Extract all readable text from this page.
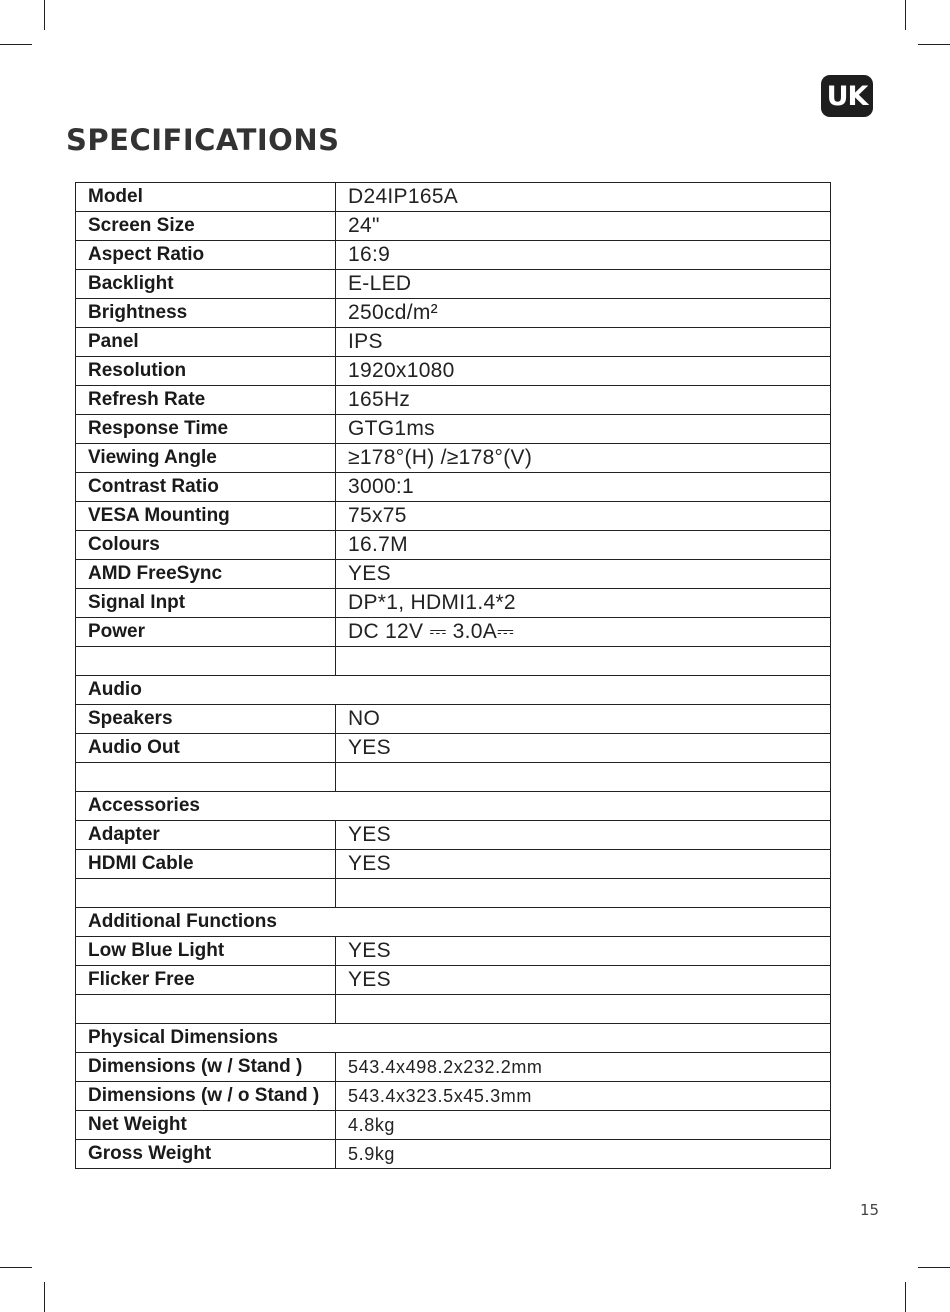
UK
SPECIFICATIONS
Model	D24IP165A
Screen Size	24"
Aspect Ratio	16:9
Backlight	E-LED
Brightness	250cd/m²
Panel	IPS
Resolution	1920x1080
Refresh Rate	165Hz
Response Time	GTG1ms
Viewing Angle	≥178°(H) /≥178°(V)
Contrast Ratio	3000:1
VESA Mounting	75x75
Colours	16.7M
AMD FreeSync	YES
Signal Inpt	DP*1, HDMI1.4*2
Power	DC 12V ⎓ 3.0A⎓

Audio	
Speakers	NO
Audio Out	YES

Accessories	
Adapter	YES
HDMI Cable	YES

Additional Functions	
Low Blue Light	YES
Flicker Free	YES

Physical Dimensions	
Dimensions (w / Stand )	543.4x498.2x232.2mm
Dimensions (w / o Stand )	543.4x323.5x45.3mm
Net Weight	4.8kg
Gross Weight	5.9kg
15
